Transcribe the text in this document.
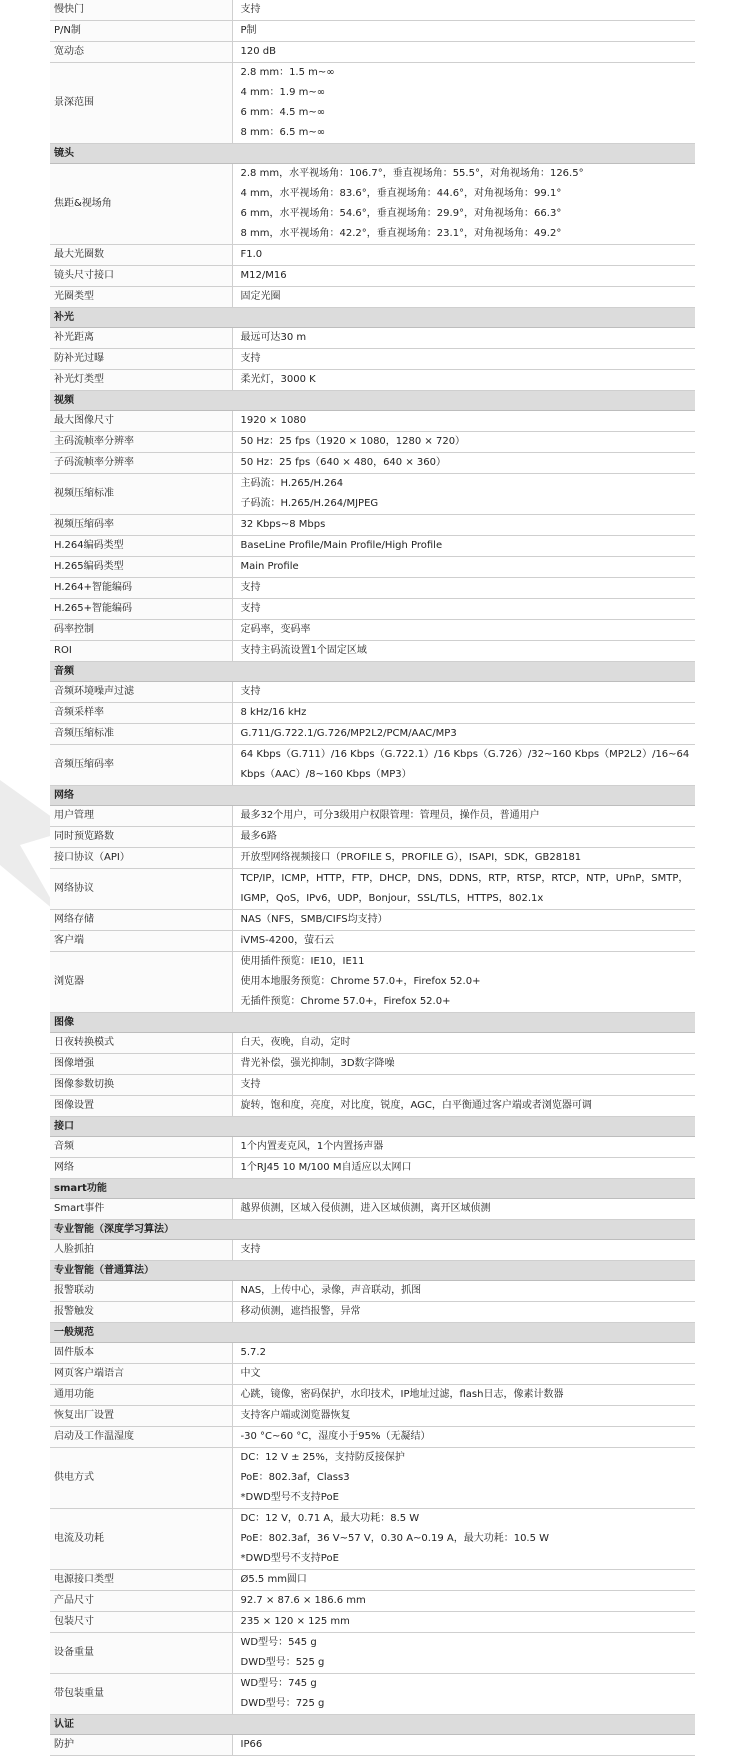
慢快门	支持

P/N制	P制

宽动态	120 dB

景深范围	2.8 mm：1.5 m~∞
4 mm：1.9 m~∞
6 mm：4.5 m~∞
8 mm：6.5 m~∞

镜头	
焦距&视场角	2.8 mm，水平视场角：106.7°，垂直视场角：55.5°，对角视场角：126.5°
4 mm，水平视场角：83.6°，垂直视场角：44.6°，对角视场角：99.1°
6 mm，水平视场角：54.6°，垂直视场角：29.9°，对角视场角：66.3°
8 mm，水平视场角：42.2°，垂直视场角：23.1°，对角视场角：49.2°

最大光圈数	F1.0

镜头尺寸接口	M12/M16

光圈类型	固定光圈

补光	
补光距离	最远可达30 m

防补光过曝	支持

补光灯类型	柔光灯，3000 K

视频	
最大图像尺寸	1920 × 1080

主码流帧率分辨率	50 Hz：25 fps（1920 × 1080，1280 × 720）

子码流帧率分辨率	50 Hz：25 fps（640 × 480，640 × 360）

视频压缩标准	主码流：H.265/H.264
子码流：H.265/H.264/MJPEG

视频压缩码率	32 Kbps~8 Mbps

H.264编码类型	BaseLine Profile/Main Profile/High Profile

H.265编码类型	Main Profile

H.264+智能编码	支持

H.265+智能编码	支持

码率控制	定码率，变码率

ROI	支持主码流设置1个固定区域

音频	
音频环境噪声过滤	支持

音频采样率	8 kHz/16 kHz

音频压缩标准	G.711/G.722.1/G.726/MP2L2/PCM/AAC/MP3

音频压缩码率	64 Kbps（G.711）/16 Kbps（G.722.1）/16 Kbps（G.726）/32~160 Kbps（MP2L2）/16~64 Kbps（AAC）/8~160 Kbps（MP3）

网络	
用户管理	最多32个用户，可分3级用户权限管理：管理员，操作员，普通用户

同时预览路数	最多6路

接口协议（API）	开放型网络视频接口（PROFILE S，PROFILE G），ISAPI，SDK，GB28181

网络协议	TCP/IP，ICMP，HTTP，FTP，DHCP，DNS，DDNS，RTP，RTSP，RTCP，NTP，UPnP，SMTP，IGMP，QoS，IPv6，UDP，Bonjour，SSL/TLS，HTTPS，802.1x

网络存储	NAS（NFS，SMB/CIFS均支持）

客户端	iVMS-4200，萤石云

浏览器	使用插件预览：IE10，IE11
使用本地服务预览：Chrome 57.0+，Firefox 52.0+
无插件预览：Chrome 57.0+，Firefox 52.0+

图像	
日夜转换模式	白天，夜晚，自动，定时

图像增强	背光补偿，强光抑制，3D数字降噪

图像参数切换	支持

图像设置	旋转，饱和度，亮度，对比度，锐度，AGC，白平衡通过客户端或者浏览器可调

接口	
音频	1个内置麦克风，1个内置扬声器

网络	1个RJ45 10 M/100 M自适应以太网口

smart功能	
Smart事件	越界侦测，区域入侵侦测，进入区域侦测，离开区域侦测

专业智能（深度学习算法）	
人脸抓拍	支持

专业智能（普通算法）	
报警联动	NAS，上传中心，录像，声音联动，抓图

报警触发	移动侦测，遮挡报警，异常

一般规范	
固件版本	5.7.2

网页客户端语言	中文

通用功能	心跳，镜像，密码保护，水印技术，IP地址过滤，flash日志，像素计数器

恢复出厂设置	支持客户端或浏览器恢复

启动及工作温湿度	-30 °C~60 °C，湿度小于95%（无凝结）

供电方式	DC：12 V ± 25%，支持防反接保护
PoE：802.3af，Class3
*DWD型号不支持PoE

电流及功耗	DC：12 V，0.71 A，最大功耗：8.5 W
PoE：802.3af，36 V~57 V，0.30 A~0.19 A，最大功耗：10.5 W
*DWD型号不支持PoE

电源接口类型	Ø5.5 mm圆口

产品尺寸	92.7 × 87.6 × 186.6 mm

包装尺寸	235 × 120 × 125 mm

设备重量	WD型号：545 g
DWD型号：525 g

带包装重量	WD型号：745 g
DWD型号：725 g

认证	
防护	IP66
